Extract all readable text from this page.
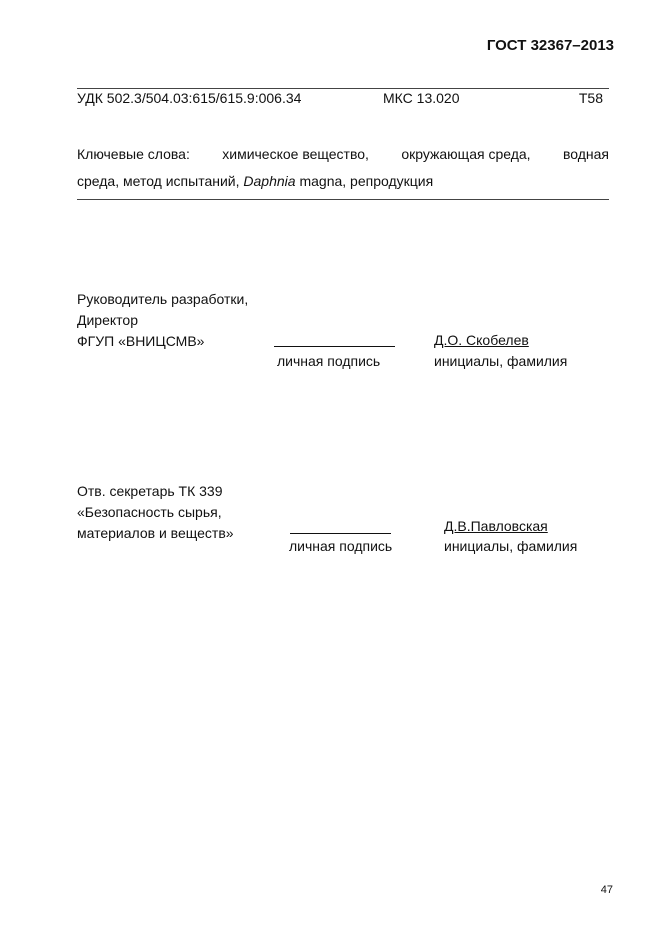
ГОСТ 32367–2013
УДК 502.3/504.03:615/615.9:006.34	МКС 13.020	Т58
Ключевые слова: химическое вещество, окружающая среда, водная
среда, метод испытаний, Daphnia magna, репродукция
Руководитель разработки,
Директор
ФГУП «ВНИЦСМВ»
личная подпись
Д.О. Скобелев
инициалы, фамилия
Отв. секретарь ТК 339
«Безопасность сырья,
материалов и веществ»
личная подпись
Д.В.Павловская
инициалы, фамилия
47
